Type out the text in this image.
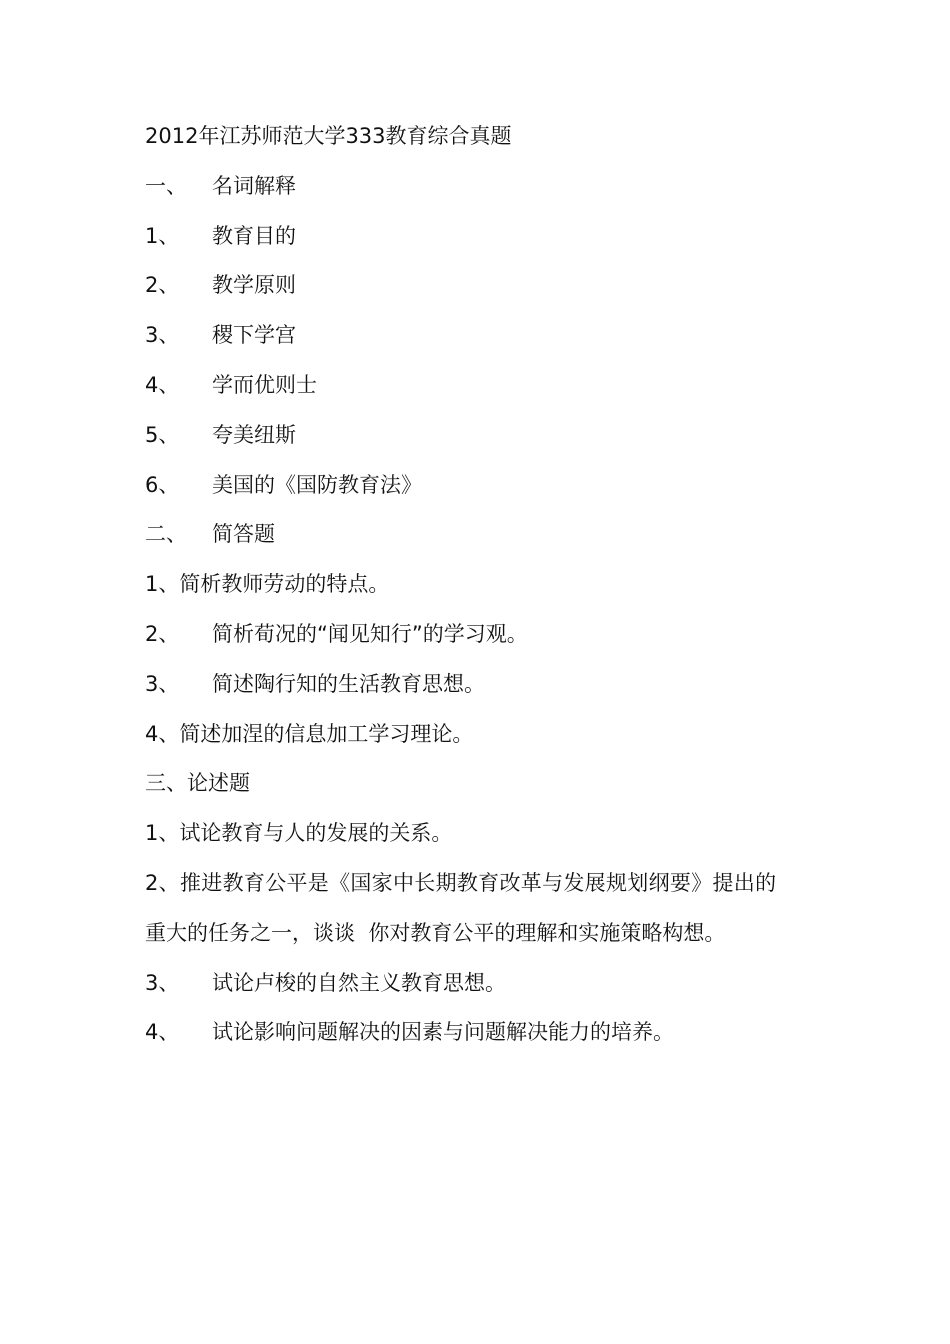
2012年江苏师范大学333教育综合真题
一、 名词解释
1、 教育目的
2、 教学原则
3、 稷下学宫
4、 学而优则士
5、 夸美纽斯
6、 美国的《国防教育法》
二、 简答题
1、简析教师劳动的特点。
2、 简析荀况的“闻见知行”的学习观。
3、 简述陶行知的生活教育思想。
4、简述加涅的信息加工学习理论。
三、论述题
1、试论教育与人的发展的关系。
2、推进教育公平是《国家中长期教育改革与发展规划纲要》提出的
重大的任务之一，谈谈  你对教育公平的理解和实施策略构想。
3、 试论卢梭的自然主义教育思想。
4、 试论影响问题解决的因素与问题解决能力的培养。
